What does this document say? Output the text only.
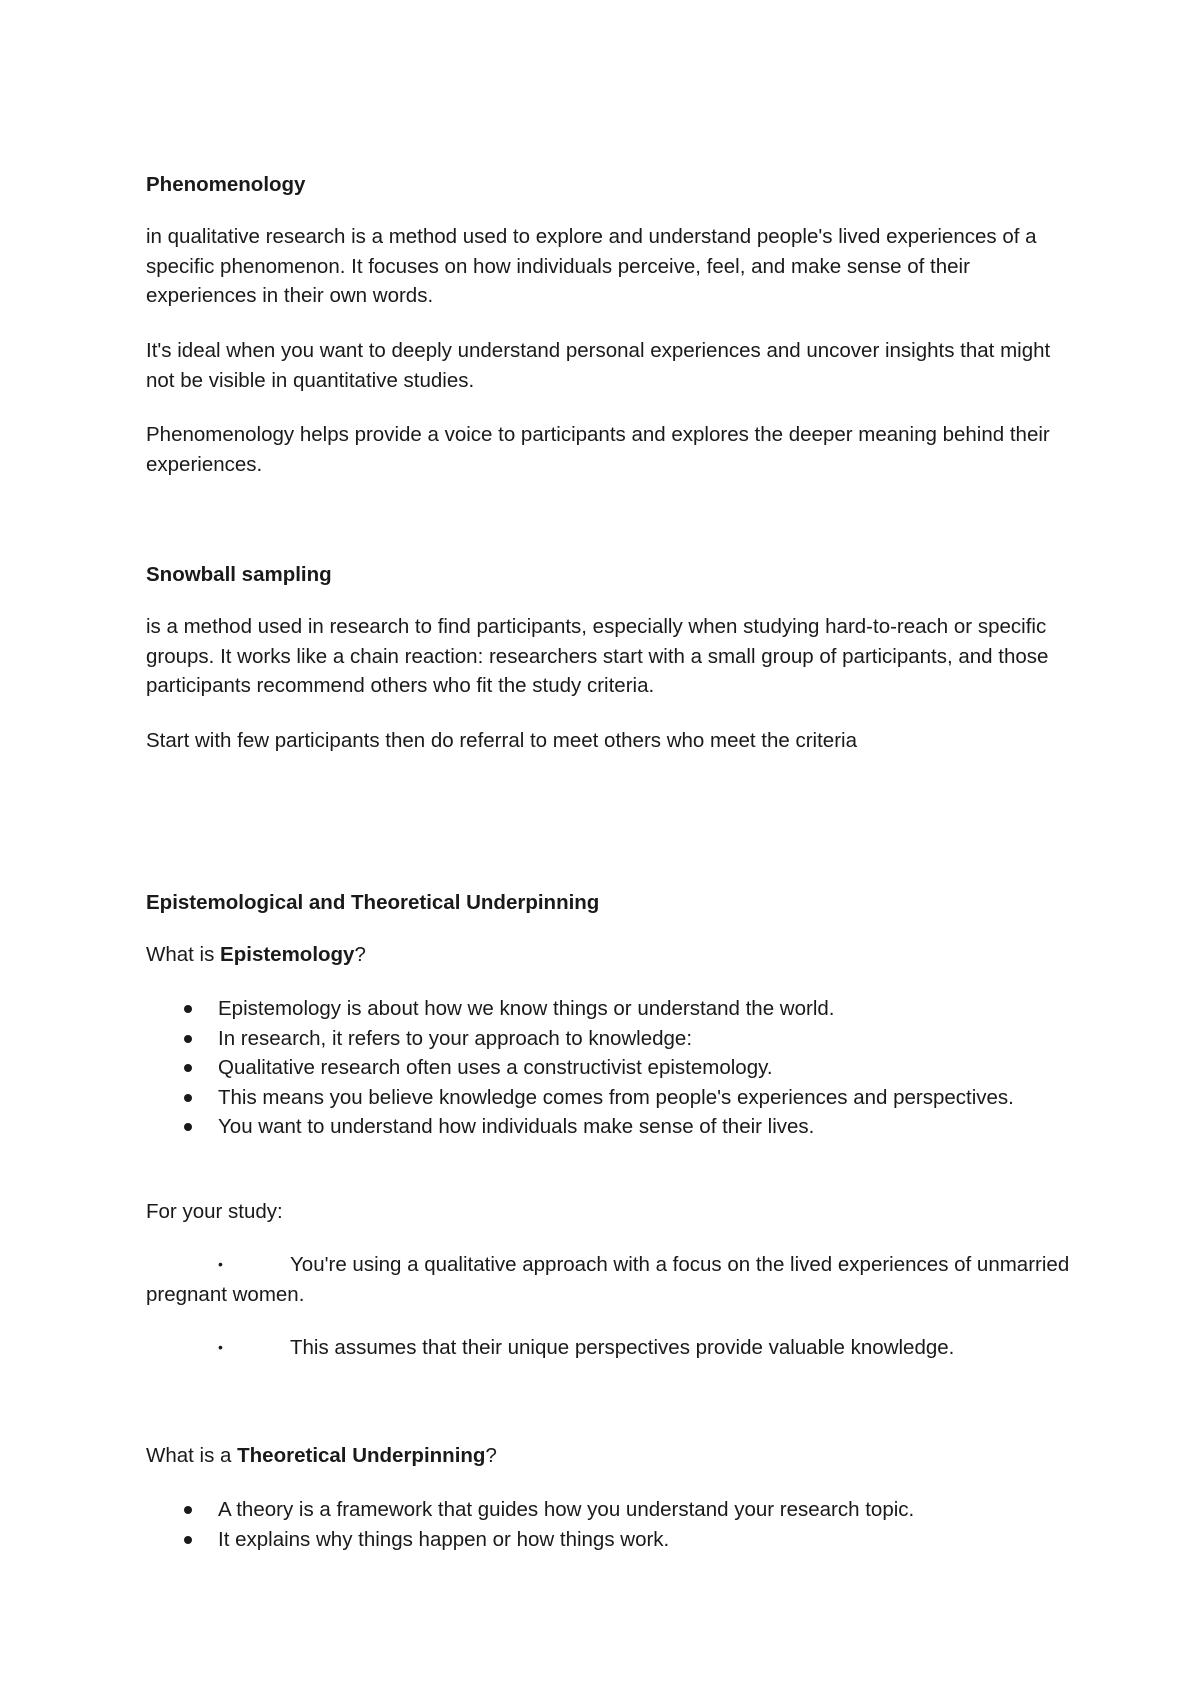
Phenomenology

in qualitative research is a method used to explore and understand people's lived experiences of a specific phenomenon. It focuses on how individuals perceive, feel, and make sense of their experiences in their own words.

It's ideal when you want to deeply understand personal experiences and uncover insights that might not be visible in quantitative studies.

Phenomenology helps provide a voice to participants and explores the deeper meaning behind their experiences.

Snowball sampling

is a method used in research to find participants, especially when studying hard-to-reach or specific groups. It works like a chain reaction: researchers start with a small group of participants, and those participants recommend others who fit the study criteria.

Start with few participants then do referral to meet others who meet the criteria

Epistemological and Theoretical Underpinning

What is Epistemology?

Epistemology is about how we know things or understand the world.
In research, it refers to your approach to knowledge:
Qualitative research often uses a constructivist epistemology.
This means you believe knowledge comes from people's experiences and perspectives.
You want to understand how individuals make sense of their lives.

For your study:

•	You're using a qualitative approach with a focus on the lived experiences of unmarried pregnant women.

•	This assumes that their unique perspectives provide valuable knowledge.

What is a Theoretical Underpinning?

A theory is a framework that guides how you understand your research topic.
It explains why things happen or how things work.
